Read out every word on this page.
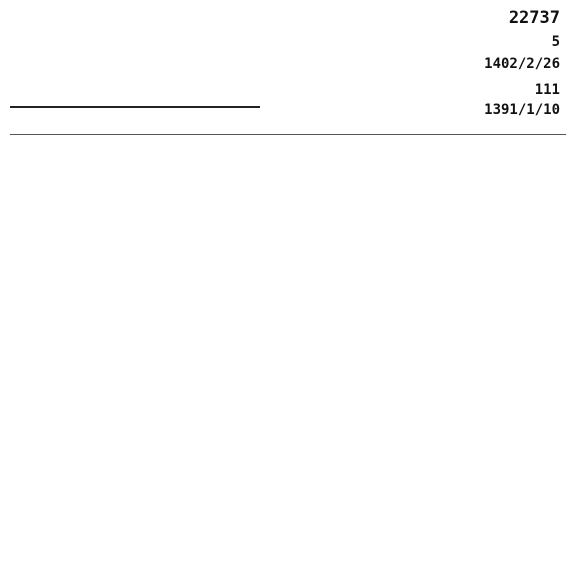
22737
5
1402/2/26
111
1391/1/10
